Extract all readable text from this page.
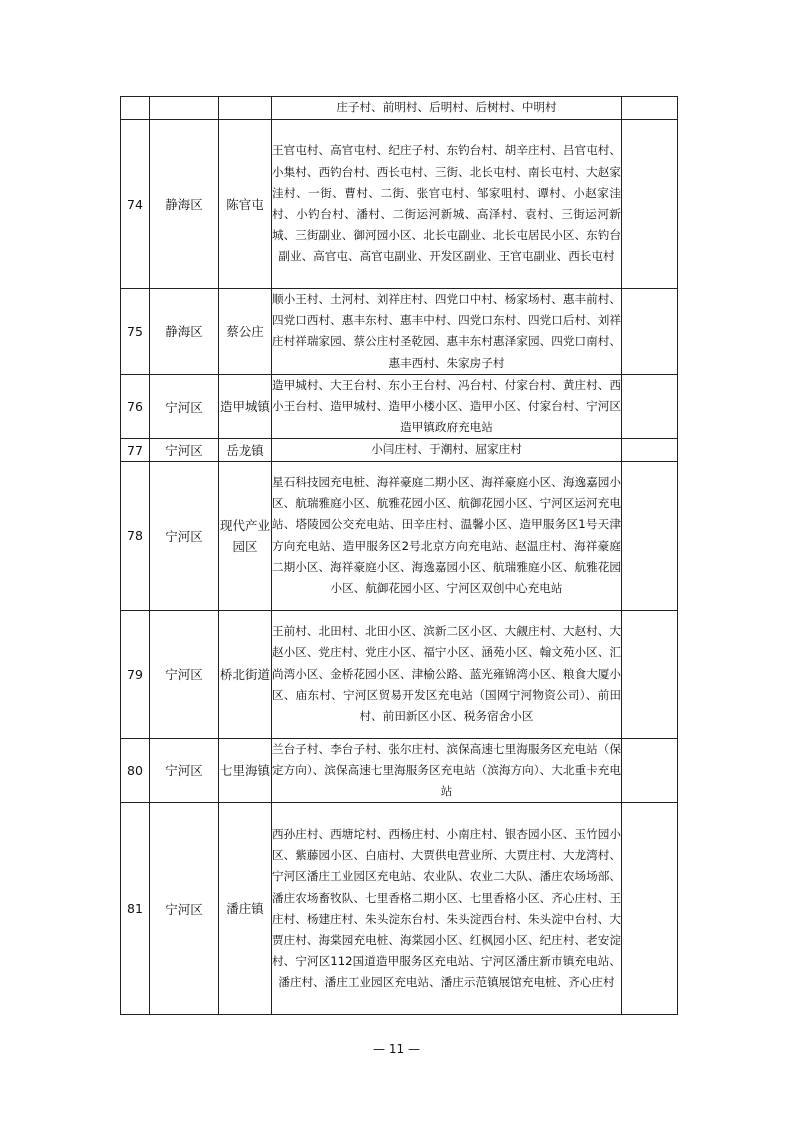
			庄子村、前明村、后明村、后树村、中明村	
74	静海区	陈官屯	王官屯村、高官屯村、纪庄子村、东钓台村、胡辛庄村、吕官屯村、小集村、西钓台村、西长屯村、三街、北长屯村、南长屯村、大赵家洼村、一街、曹村、二街、张官屯村、邹家咀村、谭村、小赵家洼村、小钓台村、潘村、二街运河新城、高泽村、袁村、三街运河新城、三街副业、御河园小区、北长屯副业、北长屯居民小区、东钓台副业、高官屯、高官屯副业、开发区副业、王官屯副业、西长屯村	
75	静海区	蔡公庄	顺小王村、土河村、刘祥庄村、四党口中村、杨家场村、惠丰前村、四党口西村、惠丰东村、惠丰中村、四党口东村、四党口后村、刘祥庄村祥瑞家园、蔡公庄村圣乾园、惠丰东村惠泽家园、四党口南村、惠丰西村、朱家房子村	
76	宁河区	造甲城镇	造甲城村、大王台村、东小王台村、冯台村、付家台村、黄庄村、西小王台村、造甲城村、造甲小楼小区、造甲小区、付家台村、宁河区造甲镇政府充电站	
77	宁河区	岳龙镇	小闫庄村、于潮村、屈家庄村	
78	宁河区	现代产业园区	星石科技园充电桩、海祥豪庭二期小区、海祥豪庭小区、海逸嘉园小区、航瑞雅庭小区、航雅花园小区、航御花园小区、宁河区运河充电站、塔陵园公交充电站、田辛庄村、温馨小区、造甲服务区1号天津方向充电站、造甲服务区2号北京方向充电站、赵温庄村、海祥豪庭二期小区、海祥豪庭小区、海逸嘉园小区、航瑞雅庭小区、航雅花园小区、航御花园小区、宁河区双创中心充电站	
79	宁河区	桥北街道	王前村、北田村、北田小区、滨新二区小区、大觎庄村、大赵村、大赵小区、党庄村、党庄小区、福宁小区、涵苑小区、翰文苑小区、汇尚湾小区、金桥花园小区、津榆公路、蓝光雍锦湾小区、粮食大厦小区、庙东村、宁河区贸易开发区充电站（国网宁河物资公司）、前田村、前田新区小区、税务宿舍小区	
80	宁河区	七里海镇	兰台子村、李台子村、张尔庄村、滨保高速七里海服务区充电站（保定方向）、滨保高速七里海服务区充电站（滨海方向）、大北重卡充电站	
81	宁河区	潘庄镇	西孙庄村、西塘坨村、西杨庄村、小南庄村、银杏园小区、玉竹园小区、紫藤园小区、白庙村、大贾供电营业所、大贾庄村、大龙湾村、宁河区潘庄工业园区充电站、农业队、农业二大队、潘庄农场场部、潘庄农场畜牧队、七里香格二期小区、七里香格小区、齐心庄村、王庄村、杨建庄村、朱头淀东台村、朱头淀西台村、朱头淀中台村、大贾庄村、海棠园充电桩、海棠园小区、红枫园小区、纪庄村、老安淀村、宁河区112国道造甲服务区充电站、宁河区潘庄新市镇充电站、潘庄村、潘庄工业园区充电站、潘庄示范镇展馆充电桩、齐心庄村	
— 11 —
